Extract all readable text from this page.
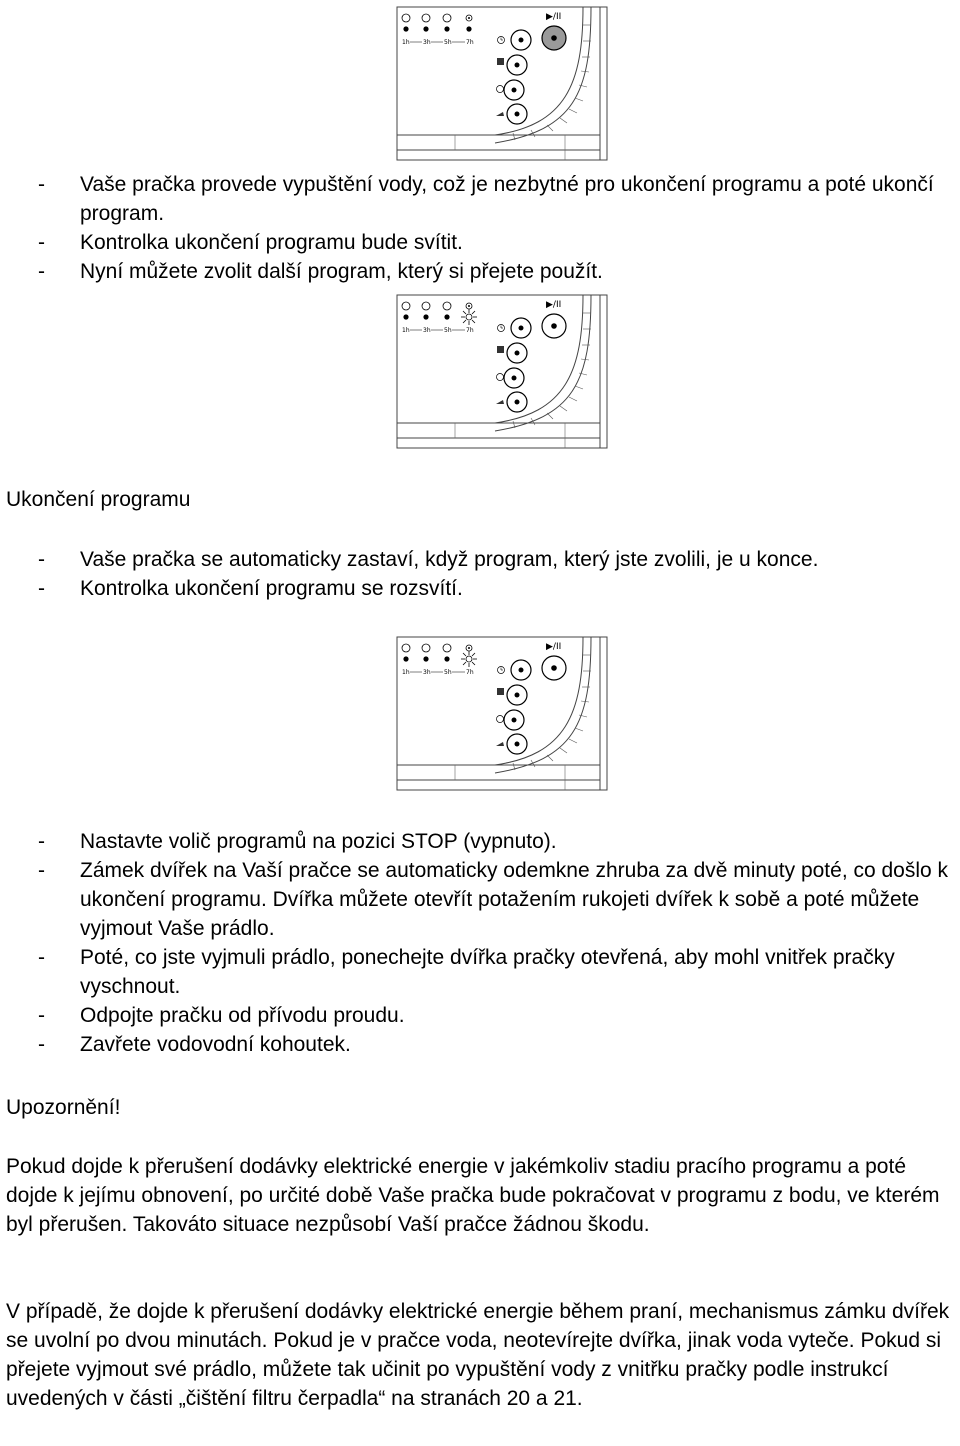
1h 3h 5h 7h
▶/II
- Vaše pračka provede vypuštění vody, což je nezbytné pro ukončení programu a poté ukončí program.
- Kontrolka ukončení programu bude svítit.
- Nyní můžete zvolit další program, který si přejete použít.
1h 3h 5h 7h
▶/II
Ukončení programu
- Vaše pračka se automaticky zastaví, když program, který jste zvolili, je u konce.
- Kontrolka ukončení programu se rozsvítí.
1h 3h 5h 7h
▶/II
- Nastavte volič programů na pozici STOP (vypnuto).
- Zámek dvířek na Vaší pračce se automaticky odemkne zhruba za dvě minuty poté, co došlo k ukončení programu. Dvířka můžete otevřít potažením rukojeti dvířek k sobě a poté můžete vyjmout Vaše prádlo.
- Poté, co jste vyjmuli prádlo, ponechejte dvířka pračky otevřená, aby mohl vnitřek pračky vyschnout.
- Odpojte pračku od přívodu proudu.
- Zavřete vodovodní kohoutek.
Upozornění!

Pokud dojde k přerušení dodávky elektrické energie v jakémkoliv stadiu pracího programu a poté dojde k jejímu obnovení, po určité době Vaše pračka bude pokračovat v programu z bodu, ve kterém byl přerušen. Takováto situace nezpůsobí Vaší pračce žádnou škodu.

V případě, že dojde k přerušení dodávky elektrické energie během praní, mechanismus zámku dvířek se uvolní po dvou minutách. Pokud je v pračce voda, neotevírejte dvířka, jinak voda vyteče. Pokud si přejete vyjmout své prádlo, můžete tak učinit po vypuštění vody z vnitřku pračky podle instrukcí uvedených v části „čištění filtru čerpadla“ na stranách 20 a 21.
